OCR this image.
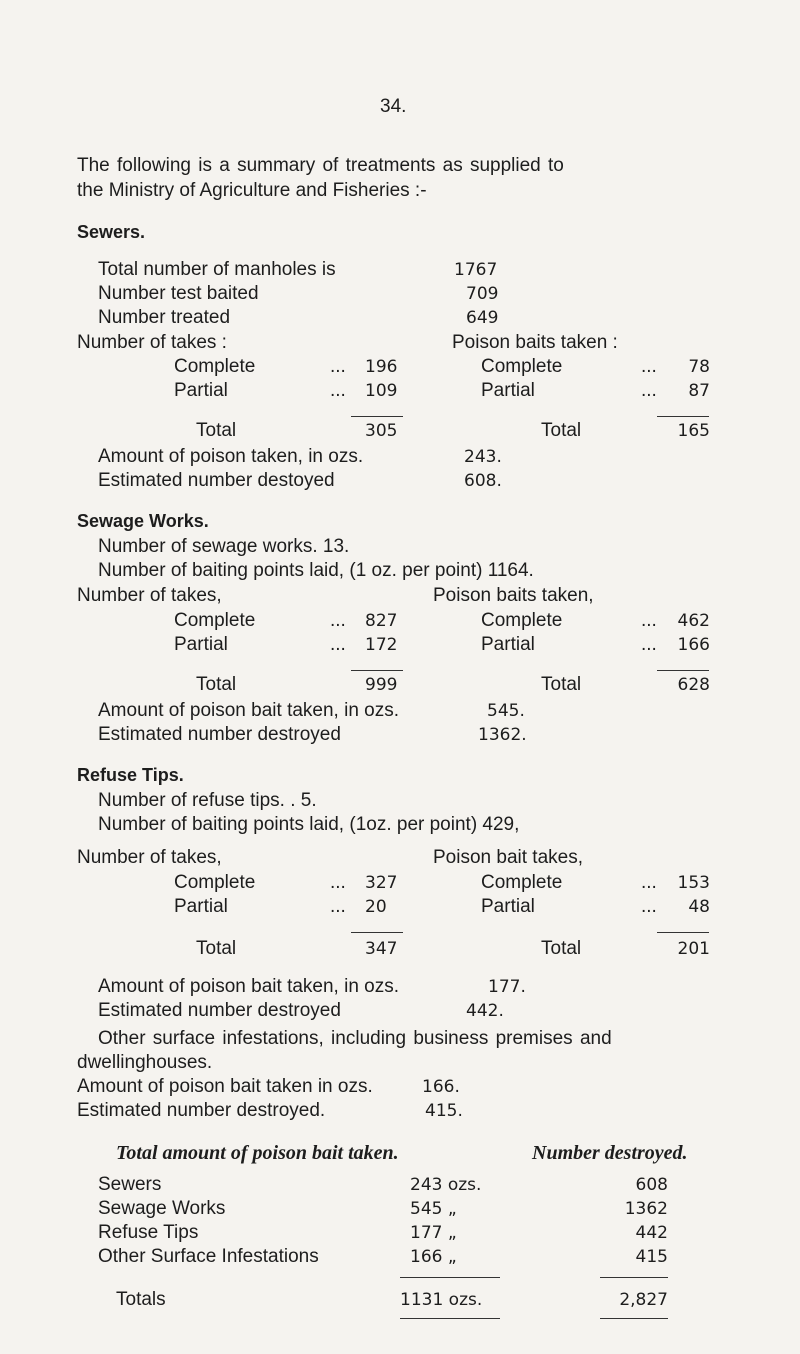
34.
The following is a summary of treatments as supplied to
the Ministry of Agriculture and Fisheries :-
Sewers.
Total number of manholes is	1767
Number test baited	709
Number treated	649
Number of takes :	Poison baits taken :
Complete	... 196	Complete	...	78
Partial	... 109	Partial	...	87
Total	305	Total	165
Amount of poison taken, in ozs.	243.
Estimated number destoyed	608.
Sewage Works.
Number of sewage works. 13.
Number of baiting points laid, (1 oz. per point) 1164.
Number of takes,	Poison baits taken,
Complete	... 827	Complete	...	462
Partial	... 172	Partial	...	166
Total	999	Total	628
Amount of poison bait taken, in ozs.	545.
Estimated number destroyed	1362.
Refuse Tips.
Number of refuse tips. . 5.
Number of baiting points laid, (1oz. per point) 429,
Number of takes,	Poison bait takes,
Complete	... 327	Complete	...	153
Partial	... 20	Partial	...	48
Total	347	Total	201
Amount of poison bait taken, in ozs.	177.
Estimated number destroyed	442.
Other surface infestations, including business premises and
dwellinghouses.
Amount of poison bait taken in ozs.	166.
Estimated number destroyed.	415.
Total amount of poison bait taken.	Number destroyed.
Sewers	243 ozs.	608
Sewage Works	545 „	1362
Refuse Tips	177 „	442
Other Surface Infestations	166 „	415
Totals	1131 ozs.	2,827
